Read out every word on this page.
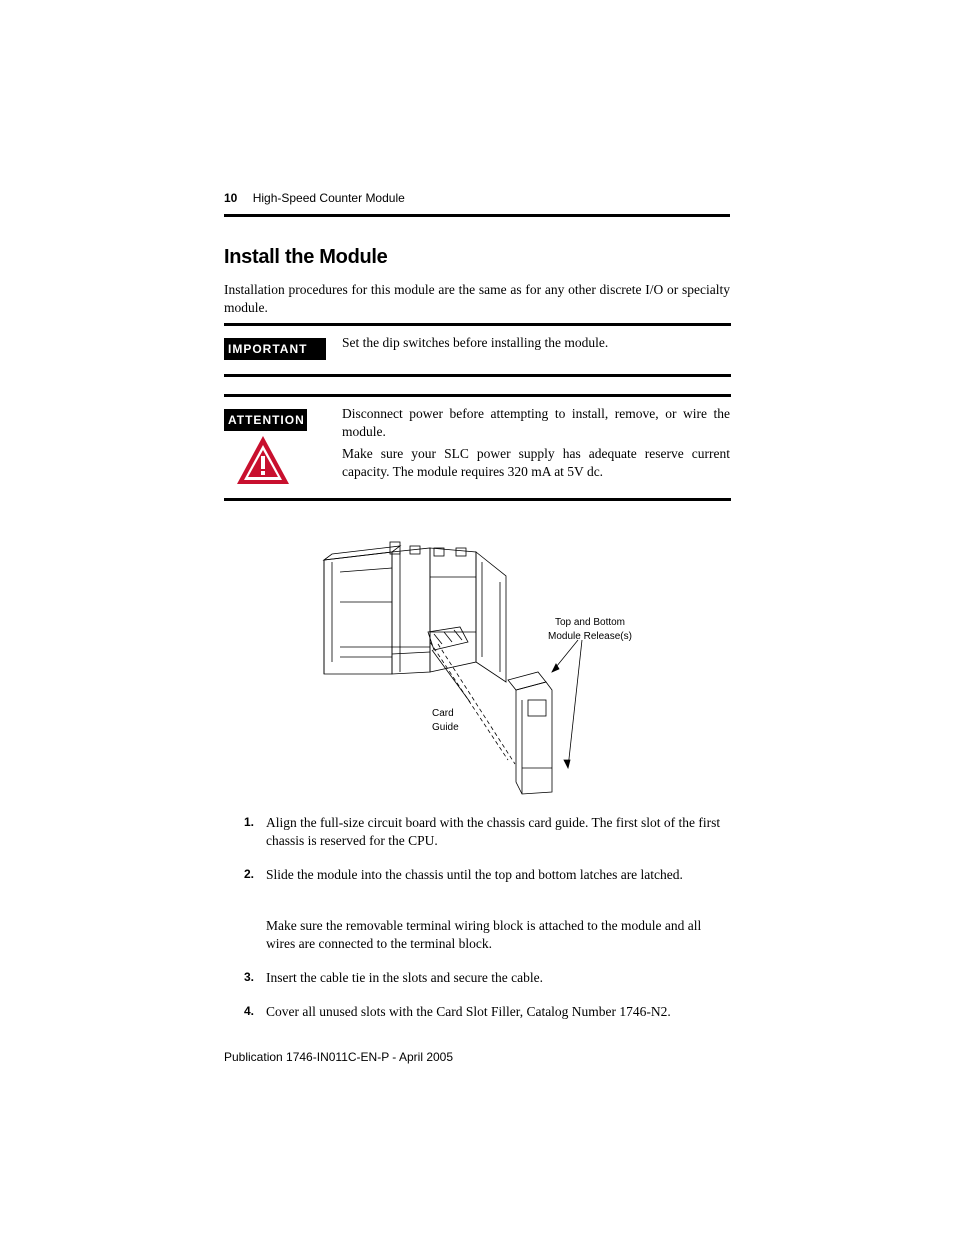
10 High-Speed Counter Module
Install the Module

Installation procedures for this module are the same as for any other discrete I/O or specialty module.

IMPORTANT	Set the dip switches before installing the module.

ATTENTION	Disconnect power before attempting to install, remove, or wire the module.

Make sure your SLC power supply has adequate reserve current capacity. The module requires 320 mA at 5V dc.

Top and Bottom
Module Release(s)
Card
Guide
1. Align the full-size circuit board with the chassis card guide. The first slot of the first chassis is reserved for the CPU.

2. Slide the module into the chassis until the top and bottom latches are latched.

Make sure the removable terminal wiring block is attached to the module and all wires are connected to the terminal block.

3. Insert the cable tie in the slots and secure the cable.

4. Cover all unused slots with the Card Slot Filler, Catalog Number 1746-N2.

Publication 1746-IN011C-EN-P - April 2005
